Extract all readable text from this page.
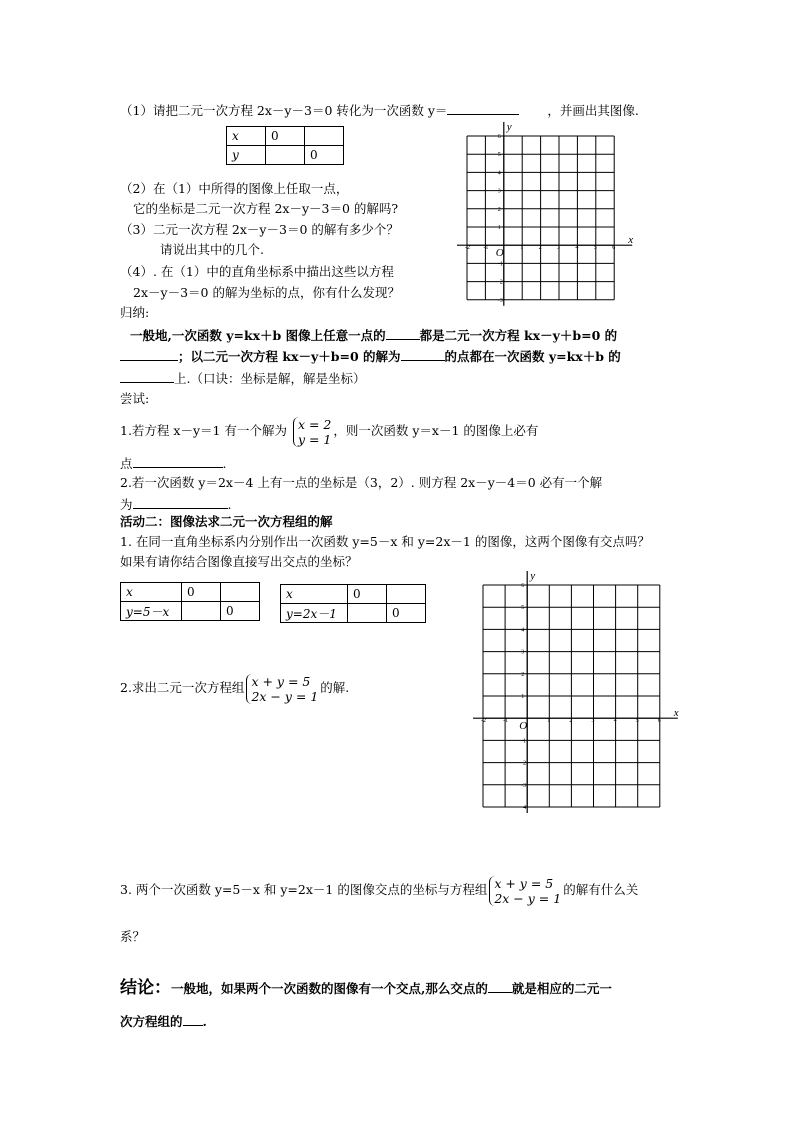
（1）请把二元一次方程 2x－y－3＝0 转化为一次函数 y＝	，并画出其图像.
x	0	
y		0
（2）在（1）中所得的图像上任取一点，
它的坐标是二元一次方程 2x－y－3＝0 的解吗?
（3）二元一次方程 2x－y－3＝0 的解有多少个？
请说出其中的几个.
（4）. 在（1）中的直角坐标系中描出这些以方程
2x－y－3＝0 的解为坐标的点，你有什么发现？
x
y
O
-2 -1	1	2	3	4	5	6
-3
-2
-1
1
2
3
4
5
6
归纳:
一般地,一次函数 y=kx＋b 图像上任意一点的	都是二元一次方程 kx－y＋b=0 的
；以二元一次方程 kx－y＋b=0 的解为	的点都在一次函数 y=kx＋b 的
上.（口诀：坐标是解，解是坐标）
尝试:
1.若方程 x－y＝1 有一个解为 x = 2
y = 1，则一次函数 y＝x－1 的图像上必有
点	.
2.若一次函数 y＝2x－4 上有一点的坐标是（3，2）. 则方程 2x－y－4＝0 必有一个解
为	.
活动二：图像法求二元一次方程组的解
1. 在同一直角坐标系内分别作出一次函数 y=5－x 和 y=2x－1 的图像，这两个图像有交点吗？
如果有请你结合图像直接写出交点的坐标？
x	0	
y=5－x		0
x	0	
y=2x－1		0
2.求出二元一次方程组 x + y = 5
2x − y = 1的解.
x
y
O
-2	-1	1	2	3	4	5	6
-4
-3
-2
-1
1
2
3
4
5
6
3. 两个一次函数 y=5－x 和 y=2x－1 的图像交点的坐标与方程组 x + y = 5
2x − y = 1的解有什么关
系？
结论：一般地，如果两个一次函数的图像有一个交点,那么交点的 就是相应的二元一
次方程组的 .
